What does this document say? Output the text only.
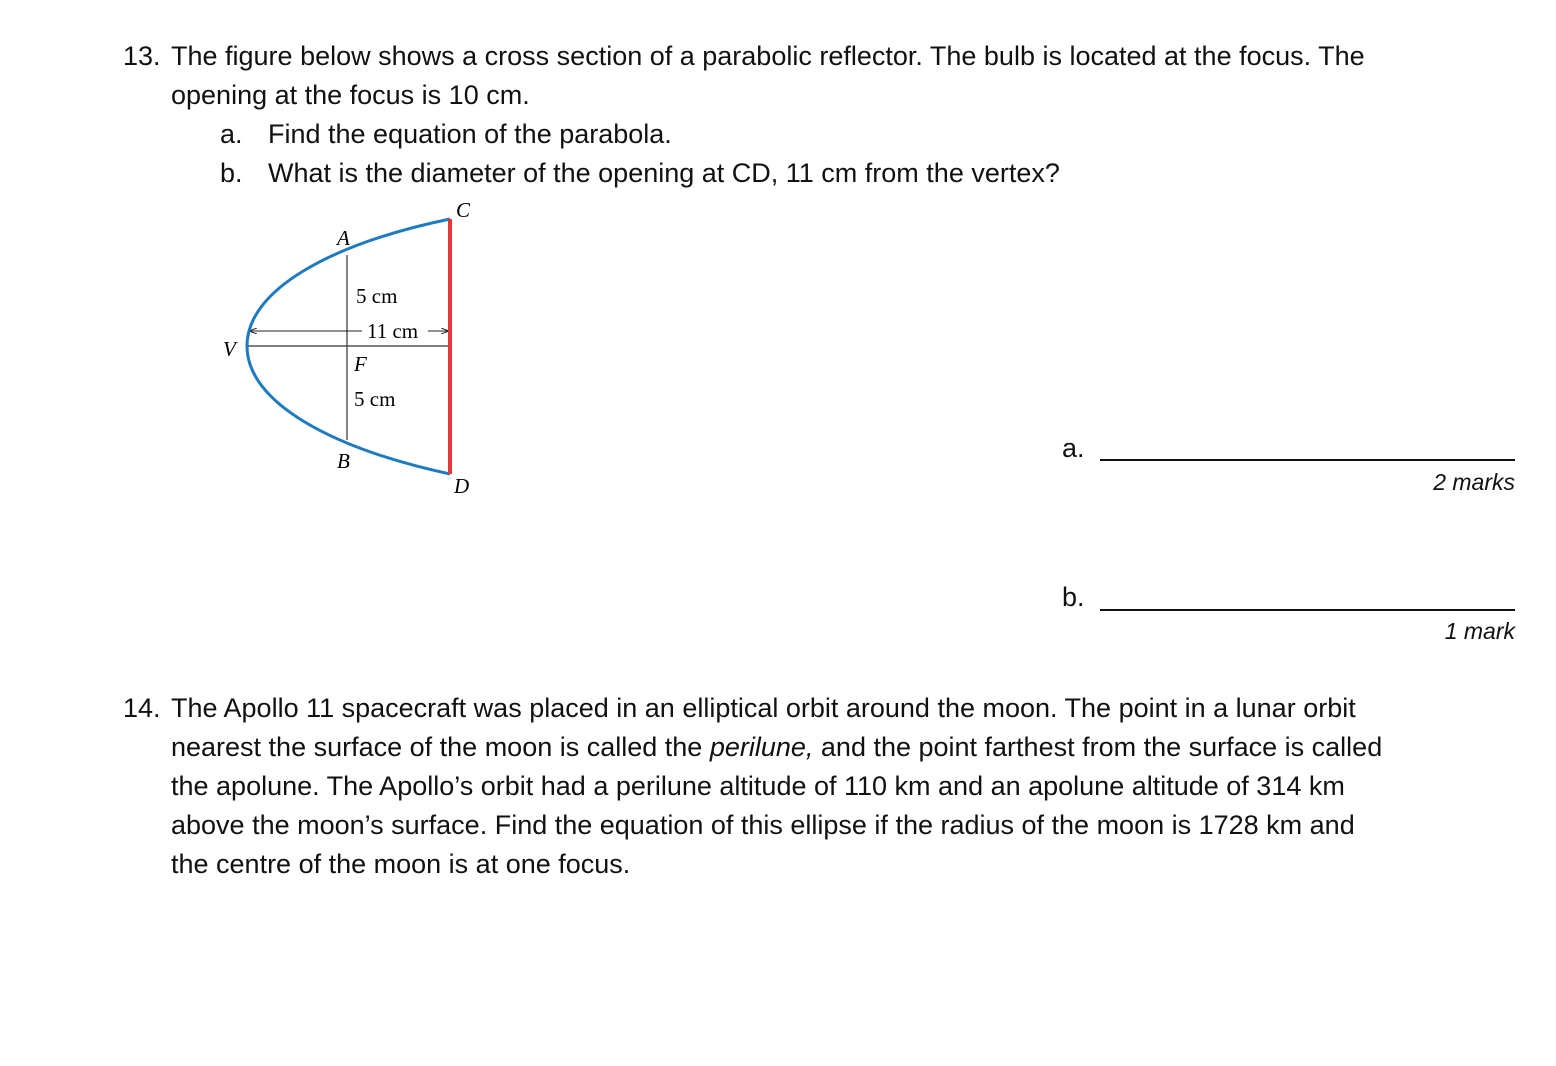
13. The figure below shows a cross section of a parabolic reflector. The bulb is located at the focus. The
opening at the focus is 10 cm.
a. Find the equation of the parabola.
b. What is the diameter of the opening at CD, 11 cm from the vertex?
C
A
V
F
B
D
5 cm
11 cm
5 cm
a.
2 marks
b.
1 mark
14. The Apollo 11 spacecraft was placed in an elliptical orbit around the moon. The point in a lunar orbit
nearest the surface of the moon is called the perilune, and the point farthest from the surface is called
the apolune. The Apollo’s orbit had a perilune altitude of 110 km and an apolune altitude of 314 km
above the moon’s surface. Find the equation of this ellipse if the radius of the moon is 1728 km and
the centre of the moon is at one focus.
